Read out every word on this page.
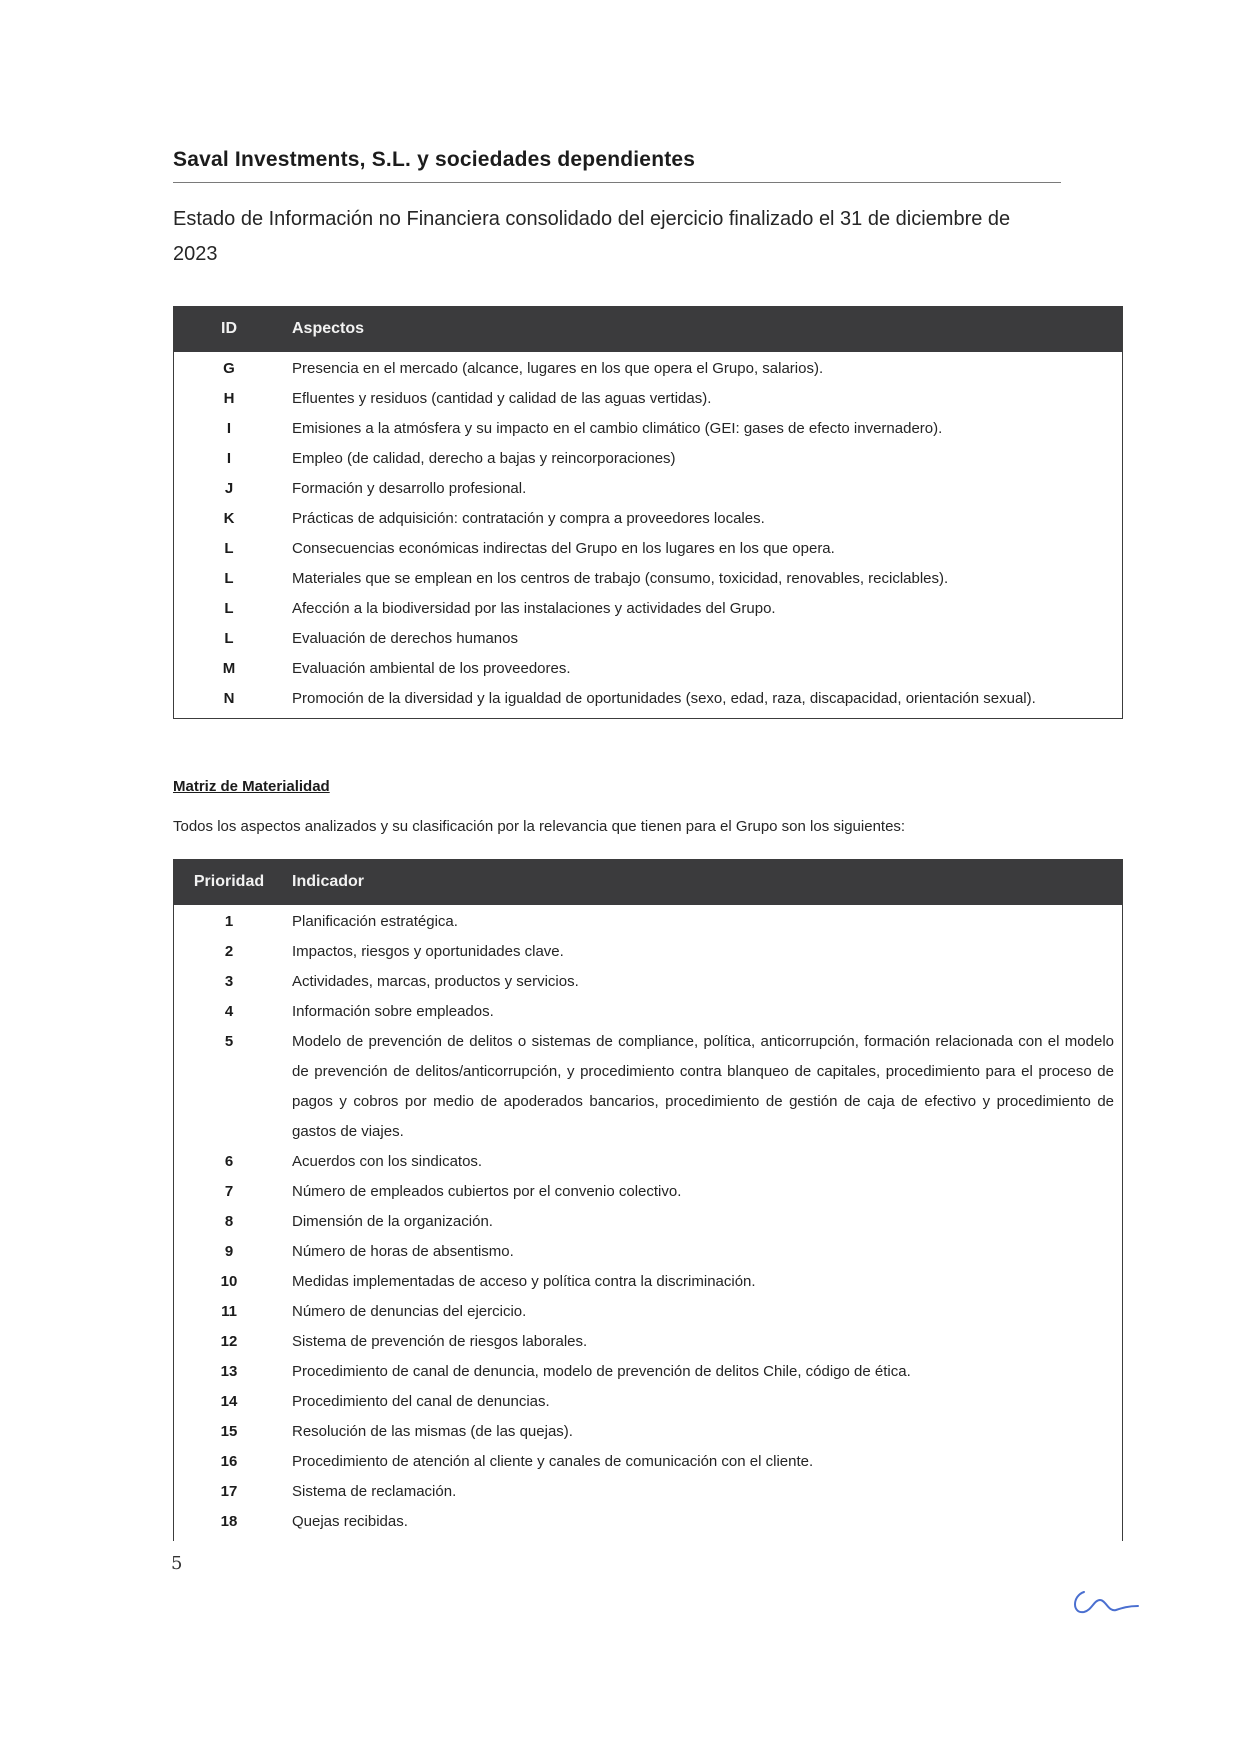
Saval Investments, S.L. y sociedades dependientes
Estado de Información no Financiera consolidado del ejercicio finalizado el 31 de diciembre de 2023
ID	Aspectos
G	Presencia en el mercado (alcance, lugares en los que opera el Grupo, salarios).
H	Efluentes y residuos (cantidad y calidad de las aguas vertidas).
I	Emisiones a la atmósfera y su impacto en el cambio climático (GEI: gases de efecto invernadero).
I	Empleo (de calidad, derecho a bajas y reincorporaciones)
J	Formación y desarrollo profesional.
K	Prácticas de adquisición: contratación y compra a proveedores locales.
L	Consecuencias económicas indirectas del Grupo en los lugares en los que opera.
L	Materiales que se emplean en los centros de trabajo (consumo, toxicidad, renovables, reciclables).
L	Afección a la biodiversidad por las instalaciones y actividades del Grupo.
L	Evaluación de derechos humanos
M	Evaluación ambiental de los proveedores.
N	Promoción de la diversidad y la igualdad de oportunidades (sexo, edad, raza, discapacidad, orientación sexual).
Matriz de Materialidad
Todos los aspectos analizados y su clasificación por la relevancia que tienen para el Grupo son los siguientes:
Prioridad	Indicador
1	Planificación estratégica.
2	Impactos, riesgos y oportunidades clave.
3	Actividades, marcas, productos y servicios.
4	Información sobre empleados.
5	Modelo de prevención de delitos o sistemas de compliance, política, anticorrupción, formación relacionada con el modelo de prevención de delitos/anticorrupción, y procedimiento contra blanqueo de capitales, procedimiento para el proceso de pagos y cobros por medio de apoderados bancarios, procedimiento de gestión de caja de efectivo y procedimiento de gastos de viajes.
6	Acuerdos con los sindicatos.
7	Número de empleados cubiertos por el convenio colectivo.
8	Dimensión de la organización.
9	Número de horas de absentismo.
10	Medidas implementadas de acceso y política contra la discriminación.
11	Número de denuncias del ejercicio.
12	Sistema de prevención de riesgos laborales.
13	Procedimiento de canal de denuncia, modelo de prevención de delitos Chile, código de ética.
14	Procedimiento del canal de denuncias.
15	Resolución de las mismas (de las quejas).
16	Procedimiento de atención al cliente y canales de comunicación con el cliente.
17	Sistema de reclamación.
18	Quejas recibidas.
5
